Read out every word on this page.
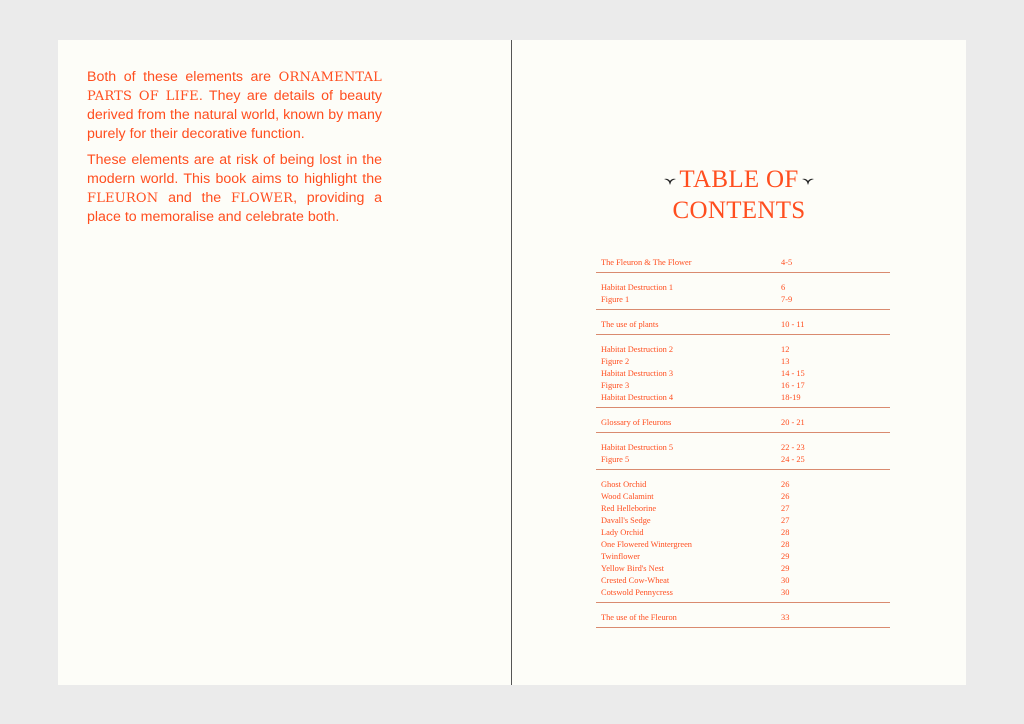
Both of these elements are ORNAMENTAL PARTS OF LIFE. They are details of beauty derived from the natural world, known by many purely for their decorative function.

These elements are at risk of being lost in the modern world. This book aims to highlight the FLEURON and the FLOWER, providing a place to memoralise and celebrate both.

TABLE OF
CONTENTS
The Fleuron & The Flower	4-5
Habitat Destruction 1	6
Figure 1	7-9
The use of plants	10 - 11
Habitat Destruction 2	12
Figure 2	13
Habitat Destruction 3	14 - 15
Figure 3	16 - 17
Habitat Destruction 4	18-19
Glossary of Fleurons	20 - 21
Habitat Destruction 5	22 - 23
Figure 5	24 - 25
Ghost Orchid	26
Wood Calamint	26
Red Helleborine	27
Davall's Sedge	27
Lady Orchid	28
One Flowered Wintergreen	28
Twinflower	29
Yellow Bird's Nest	29
Crested Cow-Wheat	30
Cotswold Pennycress	30
The use of the Fleuron	33
